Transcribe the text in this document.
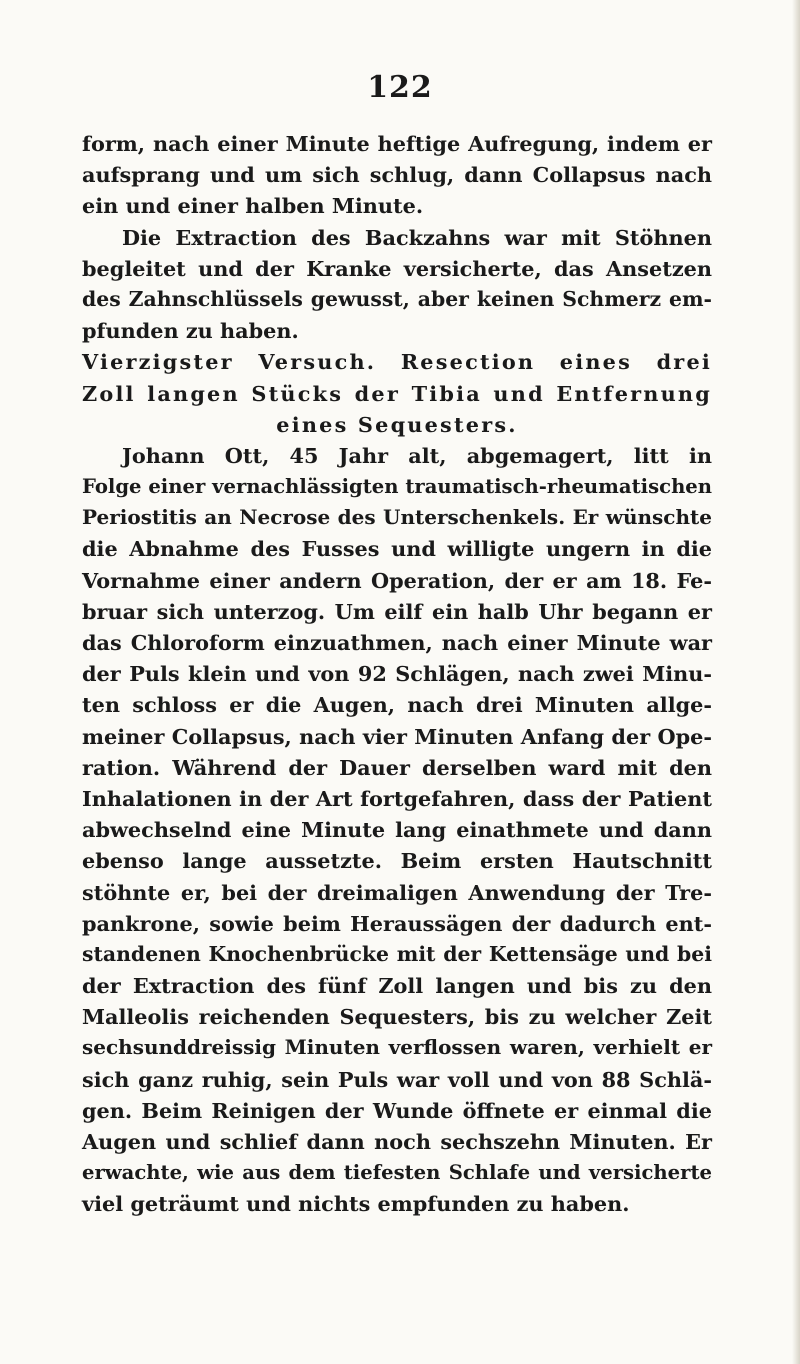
122
form, nach einer Minute heftige Aufregung, indem er
aufsprang und um sich schlug, dann Collapsus nach
ein und einer halben Minute.
Die Extraction des Backzahns war mit Stöhnen
begleitet und der Kranke versicherte, das Ansetzen
des Zahnschlüssels gewusst, aber keinen Schmerz em-
pfunden zu haben.
Vierzigster Versuch. Resection eines drei
Zoll langen Stücks der Tibia und Entfernung
eines Sequesters.
Johann Ott, 45 Jahr alt, abgemagert, litt in
Folge einer vernachlässigten traumatisch-rheumatischen
Periostitis an Necrose des Unterschenkels. Er wünschte
die Abnahme des Fusses und willigte ungern in die
Vornahme einer andern Operation, der er am 18. Fe-
bruar sich unterzog. Um eilf ein halb Uhr begann er
das Chloroform einzuathmen, nach einer Minute war
der Puls klein und von 92 Schlägen, nach zwei Minu-
ten schloss er die Augen, nach drei Minuten allge-
meiner Collapsus, nach vier Minuten Anfang der Ope-
ration. Während der Dauer derselben ward mit den
Inhalationen in der Art fortgefahren, dass der Patient
abwechselnd eine Minute lang einathmete und dann
ebenso lange aussetzte. Beim ersten Hautschnitt
stöhnte er, bei der dreimaligen Anwendung der Tre-
pankrone, sowie beim Heraussägen der dadurch ent-
standenen Knochenbrücke mit der Kettensäge und bei
der Extraction des fünf Zoll langen und bis zu den
Malleolis reichenden Sequesters, bis zu welcher Zeit
sechsunddreissig Minuten verflossen waren, verhielt er
sich ganz ruhig, sein Puls war voll und von 88 Schlä-
gen. Beim Reinigen der Wunde öffnete er einmal die
Augen und schlief dann noch sechszehn Minuten. Er
erwachte, wie aus dem tiefesten Schlafe und versicherte
viel geträumt und nichts empfunden zu haben.
